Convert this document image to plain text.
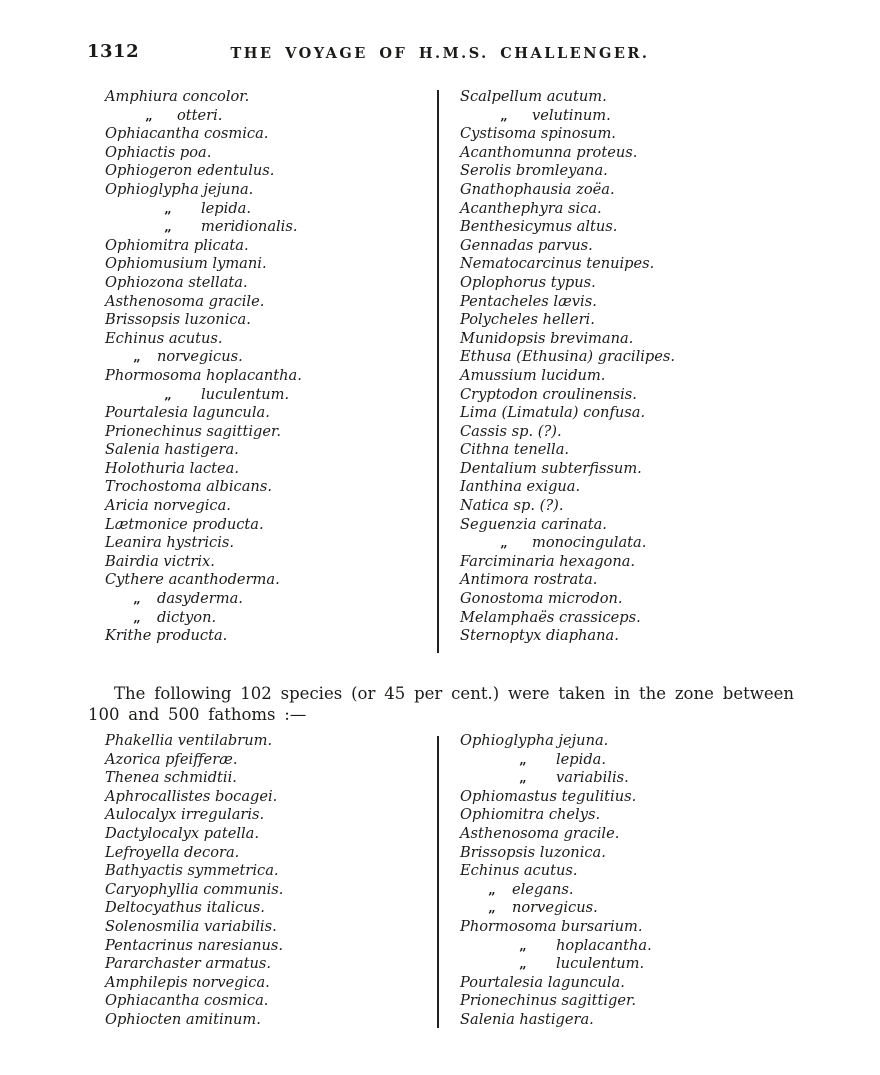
1312	THE VOYAGE OF H.M.S. CHALLENGER.
Amphiura concolor.
„ otteri.
Ophiacantha cosmica.
Ophiactis poa.
Ophiogeron edentulus.
Ophioglypha jejuna.
„ lepida.
„ meridionalis.
Ophiomitra plicata.
Ophiomusium lymani.
Ophiozona stellata.
Asthenosoma gracile.
Brissopsis luzonica.
Echinus acutus.
„ norvegicus.
Phormosoma hoplacantha.
„ luculentum.
Pourtalesia laguncula.
Prionechinus sagittiger.
Salenia hastigera.
Holothuria lactea.
Trochostoma albicans.
Aricia norvegica.
Lætmonice producta.
Leanira hystricis.
Bairdia victrix.
Cythere acanthoderma.
„ dasyderma.
„ dictyon.
Krithe producta.
Scalpellum acutum.
„ velutinum.
Cystisoma spinosum.
Acanthomunna proteus.
Serolis bromleyana.
Gnathophausia zoëa.
Acanthephyra sica.
Benthesicymus altus.
Gennadas parvus.
Nematocarcinus tenuipes.
Oplophorus typus.
Pentacheles lævis.
Polycheles helleri.
Munidopsis brevimana.
Ethusa (Ethusina) gracilipes.
Amussium lucidum.
Cryptodon croulinensis.
Lima (Limatula) confusa.
Cassis sp. (?).
Cithna tenella.
Dentalium subterfissum.
Ianthina exigua.
Natica sp. (?).
Seguenzia carinata.
„ monocingulata.
Farciminaria hexagona.
Antimora rostrata.
Gonostoma microdon.
Melamphaës crassiceps.
Sternoptyx diaphana.

The following 102 species (or 45 per cent.) were taken in the zone between 100 and 500 fathoms :—

Phakellia ventilabrum.
Azorica pfeifferæ.
Thenea schmidtii.
Aphrocallistes bocagei.
Aulocalyx irregularis.
Dactylocalyx patella.
Lefroyella decora.
Bathyactis symmetrica.
Caryophyllia communis.
Deltocyathus italicus.
Solenosmilia variabilis.
Pentacrinus naresianus.
Pararchaster armatus.
Amphilepis norvegica.
Ophiacantha cosmica.
Ophiocten amitinum.
Ophioglypha jejuna.
„ lepida.
„ variabilis.
Ophiomastus tegulitius.
Ophiomitra chelys.
Asthenosoma gracile.
Brissopsis luzonica.
Echinus acutus.
„ elegans.
„ norvegicus.
Phormosoma bursarium.
„ hoplacantha.
„ luculentum.
Pourtalesia laguncula.
Prionechinus sagittiger.
Salenia hastigera.
